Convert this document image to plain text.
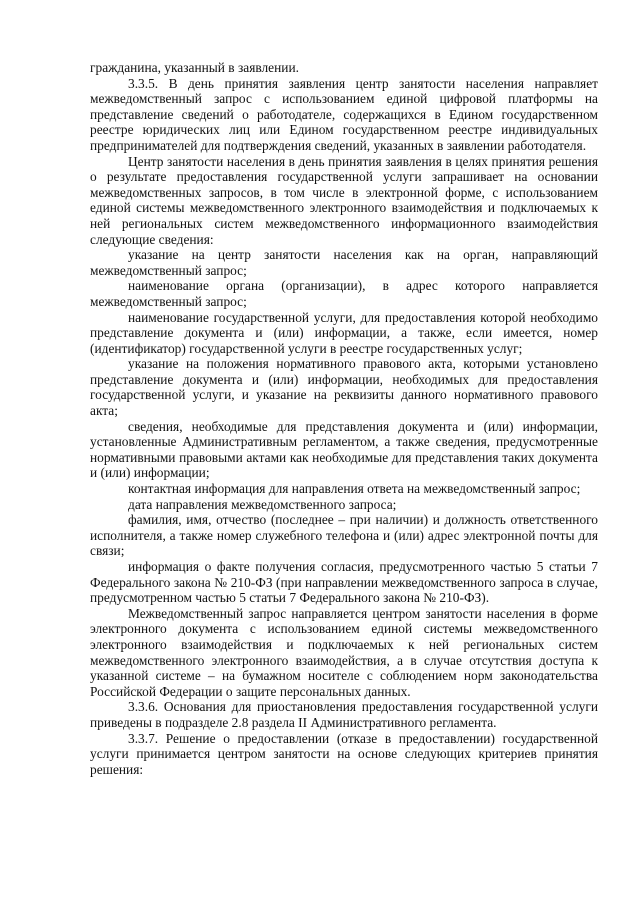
гражданина, указанный в заявлении.

3.3.5. В день принятия заявления центр занятости населения направляет межведомственный запрос с использованием единой цифровой платформы на представление сведений о работодателе, содержащихся в Едином государственном реестре юридических лиц или Едином государственном реестре индивидуальных предпринимателей для подтверждения сведений, указанных в заявлении работодателя.

Центр занятости населения в день принятия заявления в целях принятия решения о результате предоставления государственной услуги запрашивает на основании межведомственных запросов, в том числе в электронной форме, с использованием единой системы межведомственного электронного взаимодействия и подключаемых к ней региональных систем межведомственного информационного взаимодействия следующие сведения:

указание на центр занятости населения как на орган, направляющий межведомственный запрос;

наименование органа (организации), в адрес которого направляется межведомственный запрос;

наименование государственной услуги, для предоставления которой необходимо представление документа и (или) информации, а также, если имеется, номер (идентификатор) государственной услуги в реестре государственных услуг;

указание на положения нормативного правового акта, которыми установлено представление документа и (или) информации, необходимых для предоставления государственной услуги, и указание на реквизиты данного нормативного правового акта;

сведения, необходимые для представления документа и (или) информации, установленные Административным регламентом, а также сведения, предусмотренные нормативными правовыми актами как необходимые для представления таких документа и (или) информации;

контактная информация для направления ответа на межведомственный запрос;

дата направления межведомственного запроса;

фамилия, имя, отчество (последнее – при наличии) и должность ответственного исполнителя, а также номер служебного телефона и (или) адрес электронной почты для связи;

информация о факте получения согласия, предусмотренного частью 5 статьи 7 Федерального закона № 210-ФЗ (при направлении межведомственного запроса в случае, предусмотренном частью 5 статьи 7 Федерального закона № 210-ФЗ).

Межведомственный запрос направляется центром занятости населения в форме электронного документа с использованием единой системы межведомственного электронного взаимодействия и подключаемых к ней региональных систем межведомственного электронного взаимодействия, а в случае отсутствия доступа к указанной системе – на бумажном носителе с соблюдением норм законодательства Российской Федерации о защите персональных данных.

3.3.6. Основания для приостановления предоставления государственной услуги приведены в подразделе 2.8 раздела II Административного регламента.

3.3.7. Решение о предоставлении (отказе в предоставлении) государственной услуги принимается центром занятости на основе следующих критериев принятия решения:
